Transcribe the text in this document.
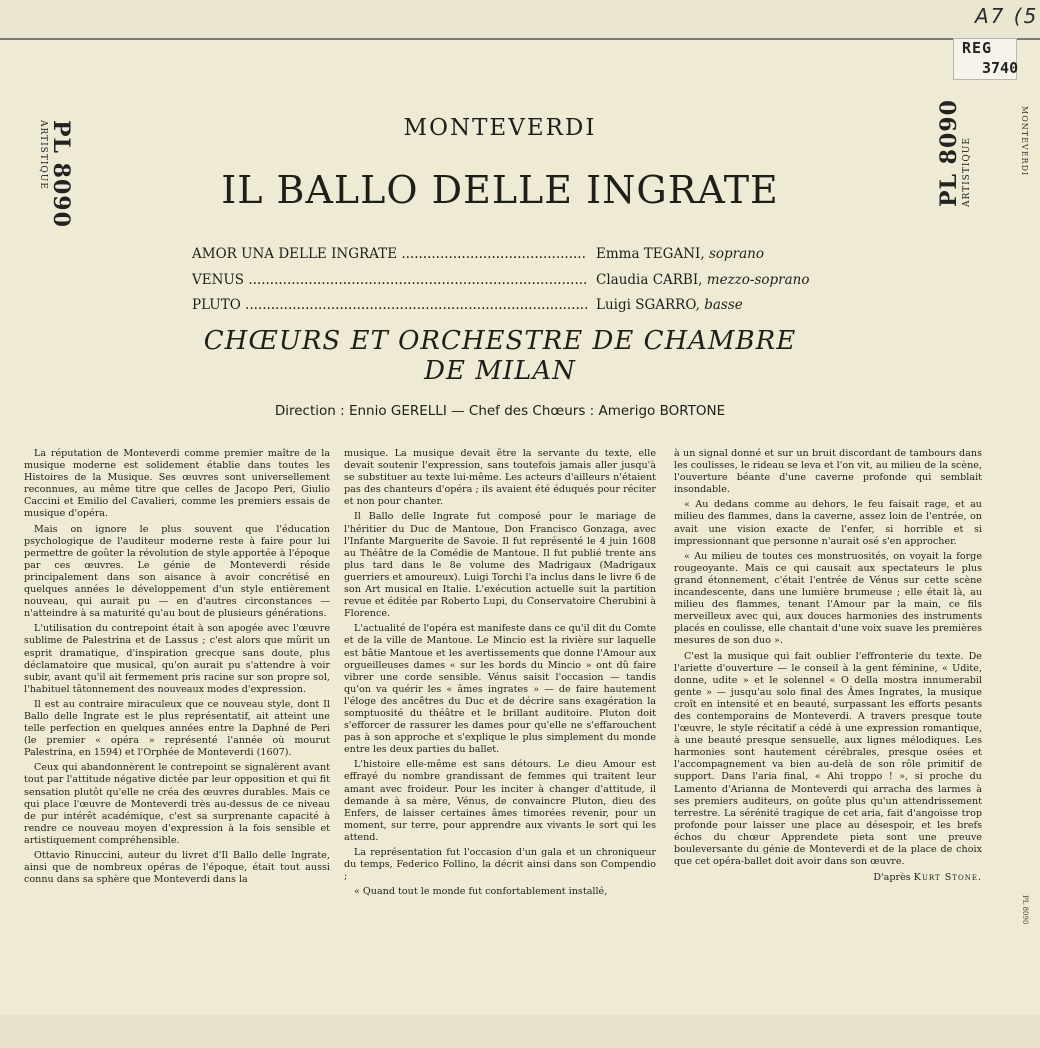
A7 (5
REG
3740
PL 8090
ARTISTIQUE	PL 8090 ARTISTIQUE	MONTEVERDI
PL 8090
MONTEVERDI
IL BALLO DELLE INGRATE
AMOR UNA DELLE INGRATE .....	Emma TEGANI, soprano
VENUS .....	Claudia CARBI, mezzo-soprano
PLUTO .....	Luigi SGARRO, basse
CHŒURS ET ORCHESTRE DE CHAMBRE
DE MILAN
Direction : Ennio GERELLI — Chef des Chœurs : Amerigo BORTONE

La réputation de Monteverdi comme premier maître de la musique moderne est solidement établie dans toutes les Histoires de la Musique. Ses œuvres sont universellement reconnues, au même titre que celles de Jacopo Peri, Giulio Caccini et Emilio del Cavalieri, comme les premiers essais de musique d'opéra.

Mais on ignore le plus souvent que l'éducation psychologique de l'auditeur moderne reste à faire pour lui permettre de goûter la révolution de style apportée à l'époque par ces œuvres. Le génie de Monteverdi réside principalement dans son aisance à avoir concrétisé en quelques années le développement d'un style entièrement nouveau, qui aurait pu — en d'autres circonstances — n'atteindre à sa maturité qu'au bout de plusieurs générations.

L'utilisation du contrepoint était à son apogée avec l'œuvre sublime de Palestrina et de Lassus ; c'est alors que mûrit un esprit dramatique, d'inspiration grecque sans doute, plus déclamatoire que musical, qu'on aurait pu s'attendre à voir subir, avant qu'il ait fermement pris racine sur son propre sol, l'habituel tâtonnement des nouveaux modes d'expression.

Il est au contraire miraculeux que ce nouveau style, dont Il Ballo delle Ingrate est le plus représentatif, ait atteint une telle perfection en quelques années entre la Daphné de Peri (le premier « opéra » représenté l'année où mourut Palestrina, en 1594) et l'Orphée de Monteverdi (1607).

Ceux qui abandonnèrent le contrepoint se signalèrent avant tout par l'attitude négative dictée par leur opposition et qui fit sensation plutôt qu'elle ne créa des œuvres durables. Mais ce qui place l'œuvre de Monteverdi très au-dessus de ce niveau de pur intérêt académique, c'est sa surprenante capacité à rendre ce nouveau moyen d'expression à la fois sensible et artistiquement compréhensible.

Ottavio Rinuccini, auteur du livret d'Il Ballo delle Ingrate, ainsi que de nombreux opéras de l'époque, était tout aussi connu dans sa sphère que Monteverdi dans la

musique. La musique devait être la servante du texte, elle devait soutenir l'expression, sans toutefois jamais aller jusqu'à se substituer au texte lui-même. Les acteurs d'ailleurs n'étaient pas des chanteurs d'opéra ; ils avaient été éduqués pour réciter et non pour chanter.

Il Ballo delle Ingrate fut composé pour le mariage de l'héritier du Duc de Mantoue, Don Francisco Gonzaga, avec l'Infante Marguerite de Savoie. Il fut représenté le 4 juin 1608 au Théâtre de la Comédie de Mantoue. Il fut publié trente ans plus tard dans le 8e volume des Madrigaux (Madrigaux guerriers et amoureux). Luigi Torchi l'a inclus dans le livre 6 de son Art musical en Italie. L'exécution actuelle suit la partition revue et éditée par Roberto Lupi, du Conservatoire Cherubini à Florence.

L'actualité de l'opéra est manifeste dans ce qu'il dit du Comte et de la ville de Mantoue. Le Mincio est la rivière sur laquelle est bâtie Mantoue et les avertissements que donne l'Amour aux orgueilleuses dames « sur les bords du Mincio » ont dû faire vibrer une corde sensible. Vénus saisit l'occasion — tandis qu'on va quérir les « âmes ingrates » — de faire hautement l'éloge des ancêtres du Duc et de décrire sans exagération la somptuosité du théâtre et le brillant auditoire. Pluton doit s'efforcer de rassurer les dames pour qu'elle ne s'effarouchent pas à son approche et s'explique le plus simplement du monde entre les deux parties du ballet.

L'histoire elle-même est sans détours. Le dieu Amour est effrayé du nombre grandissant de femmes qui traitent leur amant avec froideur. Pour les inciter à changer d'attitude, il demande à sa mère, Vénus, de convaincre Pluton, dieu des Enfers, de laisser certaines âmes timorées revenir, pour un moment, sur terre, pour apprendre aux vivants le sort qui les attend.

La représentation fut l'occasion d'un gala et un chroniqueur du temps, Federico Follino, la décrit ainsi dans son Compendio ;

« Quand tout le monde fut confortablement installé,

à un signal donné et sur un bruit discordant de tambours dans les coulisses, le rideau se leva et l'on vit, au milieu de la scène, l'ouverture béante d'une caverne profonde qui semblait insondable.

« Au dedans comme au dehors, le feu faisait rage, et au milieu des flammes, dans la caverne, assez loin de l'entrée, on avait une vision exacte de l'enfer, si horrible et si impressionnant que personne n'aurait osé s'en approcher.

« Au milieu de toutes ces monstruosités, on voyait la forge rougeoyante. Mais ce qui causait aux spectateurs le plus grand étonnement, c'était l'entrée de Vénus sur cette scène incandescente, dans une lumière brumeuse ; elle était là, au milieu des flammes, tenant l'Amour par la main, ce fils merveilleux avec qui, aux douces harmonies des instruments placés en coulisse, elle chantait d'une voix suave les premières mesures de son duo ».

C'est la musique qui fait oublier l'effronterie du texte. De l'ariette d'ouverture — le conseil à la gent féminine, « Udite, donne, udite » et le solennel « O della mostra innumerabil gente » — jusqu'au solo final des Âmes Ingrates, la musique croît en intensité et en beauté, surpassant les efforts pesants des contemporains de Monteverdi. A travers presque toute l'œuvre, le style récitatif a cédé à une expression romantique, à une beauté presque sensuelle, aux lignes mélodiques. Les harmonies sont hautement cérébrales, presque osées et l'accompagnement va bien au-delà de son rôle primitif de support. Dans l'aria final, « Ahi troppo ! », si proche du Lamento d'Arianna de Monteverdi qui arracha des larmes à ses premiers auditeurs, on goûte plus qu'un attendrissement terrestre. La sérénité tragique de cet aria, fait d'angoisse trop profonde pour laisser une place au désespoir, et les brefs échos du chœur Apprendete pieta sont une preuve bouleversante du génie de Monteverdi et de la place de choix que cet opéra-ballet doit avoir dans son œuvre.

D'après Kurt Stone.
